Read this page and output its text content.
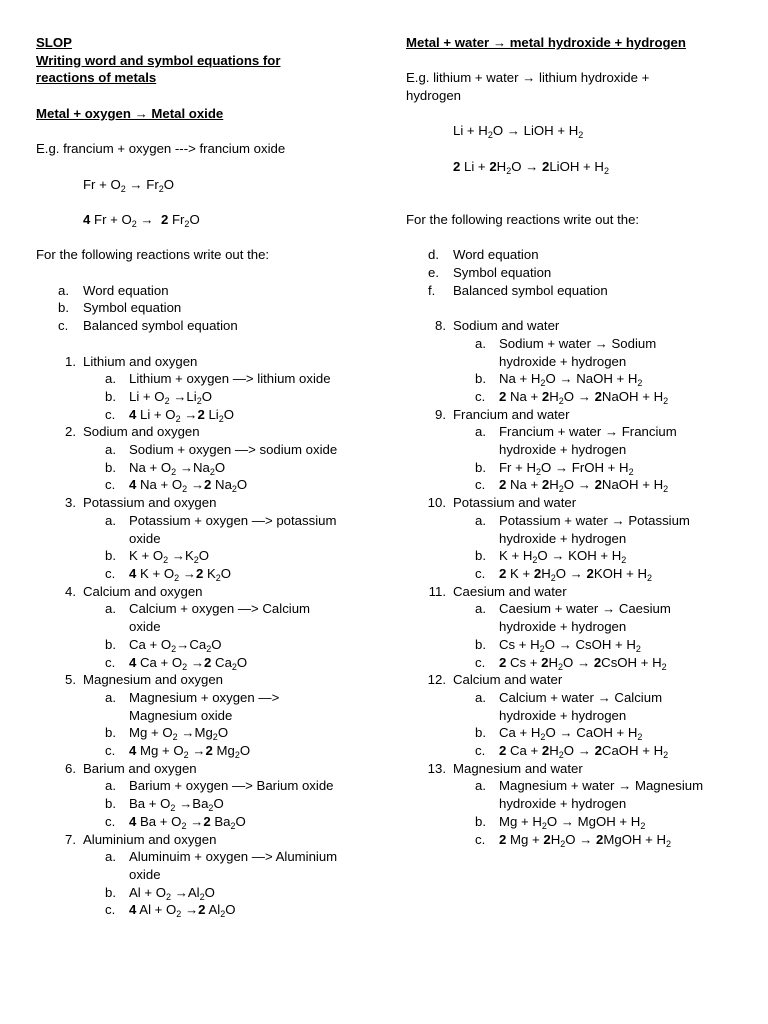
SLOP
Writing word and symbol equations for
reactions of metals
Metal + oxygen → Metal oxide
E.g. francium + oxygen ---> francium oxide
$Fr + O_2 \to Fr_2O$
4 $Fr + O_2 \to 2$ $Fr_2O$
For the following reactions write out the:
a.	Word equation
b.	Symbol equation
c.	Balanced symbol equation
1. Lithium and oxygen
a. Lithium + oxygen —> lithium oxide
b. $Li + O_2 \to Li_2O$
c. 4 $Li + O_2 \to 2$ $Li_2O$
2. Sodium and oxygen
a. Sodium + oxygen —> sodium oxide
b. $Na + O_2 \to Na_2O$
c. 4 $Na + O_2 \to 2$ $Na_2O$
3. Potassium and oxygen
a. Potassium + oxygen —> potassium
oxide
b. $K + O_2 \to K_2O$
c. 4 $K + O_2 \to 2$ $K_2O$
4. Calcium and oxygen
a. Calcium + oxygen —> Calcium
oxide
b. $Ca + O_2\to Ca_2O$
c. 4 $Ca + O_2 \to 2$ $Ca_2O$
5. Magnesium and oxygen
a. Magnesium + oxygen —>
Magnesium oxide
b. $Mg + O_2 \to Mg_2O$
c. 4 $Mg + O_2 \to 2$ $Mg_2O$
6. Barium and oxygen
a. Barium + oxygen —> Barium oxide
b. $Ba + O_2 \to Ba_2O$
c. 4 $Ba + O_2 \to 2$ $Ba_2O$
7. Aluminium and oxygen
a. Aluminuim + oxygen —> Aluminium
oxide
b. $Al + O_2 \to Al_2O$
c. 4 $Al + O_2 \to 2$ $Al_2O$
Metal + water → metal hydroxide + hydrogen
E.g. lithium + water → lithium hydroxide +
hydrogen
$Li + H_2O$ → LiOH + $H_2$
2 $Li + 2H_2O$ → 2LiOH + $H_2$
For the following reactions write out the:
d.	Word equation
e.	Symbol equation
f.	Balanced symbol equation
8. Sodium and water
a. Sodium + water → Sodium
hydroxide + hydrogen
b. $Na + H_2O$ → NaOH + $H_2$
c. 2 $Na + 2H_2O$ → 2NaOH + $H_2$
9. Francium and water
a. Francium + water → Francium
hydroxide + hydrogen
b. $Fr + H_2O$ → FrOH + $H_2$
c. 2 $Na + 2H_2O$ → 2NaOH + $H_2$
10. Potassium and water
a. Potassium + water → Potassium
hydroxide + hydrogen
b. $K + H_2O$ → KOH + $H_2$
c. 2 $K + 2H_2O \to 2KOH + H_2$
11. Caesium and water
a. Caesium + water → Caesium
hydroxide + hydrogen
b. $Cs + H_2O$ → CsOH + $H_2$
c. 2 $Cs + 2H_2O$ → 2CsOH + $H_2$
12. Calcium and water
a. Calcium + water → Calcium
hydroxide + hydrogen
b. $Ca + H_2O$ → CaOH + $H_2$
c. 2 $Ca + 2H_2O$ → 2CaOH + $H_2$
13. Magnesium and water
a. Magnesium + water → Magnesium
hydroxide + hydrogen
b. $Mg + H_2O$ → MgOH + $H_2$
c. 2 $Mg + 2H_2O$ → 2MgOH + $H_2$
